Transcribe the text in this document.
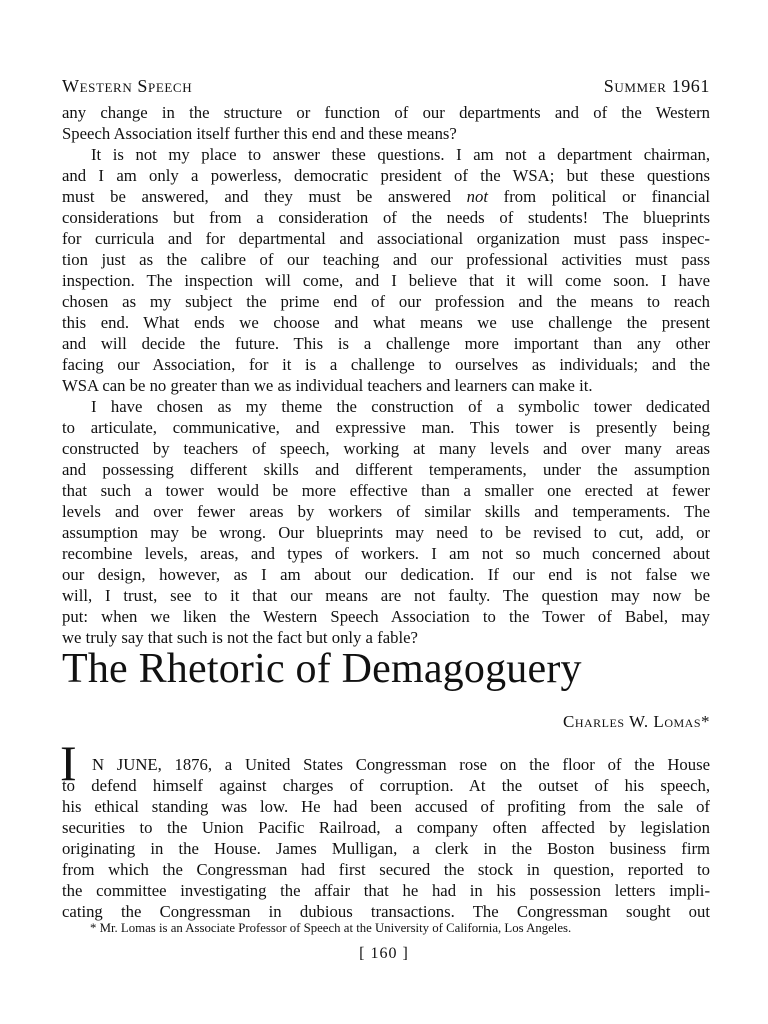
Western Speech	Summer 1961
any change in the structure or function of our departments and of the Western
Speech Association itself further this end and these means?
It is not my place to answer these questions. I am not a department chairman,
and I am only a powerless, democratic president of the WSA; but these questions
must be answered, and they must be answered not from political or financial
considerations but from a consideration of the needs of students! The blueprints
for curricula and for departmental and associational organization must pass inspec-
tion just as the calibre of our teaching and our professional activities must pass
inspection. The inspection will come, and I believe that it will come soon. I have
chosen as my subject the prime end of our profession and the means to reach
this end. What ends we choose and what means we use challenge the present
and will decide the future. This is a challenge more important than any other
facing our Association, for it is a challenge to ourselves as individuals; and the
WSA can be no greater than we as individual teachers and learners can make it.
I have chosen as my theme the construction of a symbolic tower dedicated
to articulate, communicative, and expressive man. This tower is presently being
constructed by teachers of speech, working at many levels and over many areas
and possessing different skills and different temperaments, under the assumption
that such a tower would be more effective than a smaller one erected at fewer
levels and over fewer areas by workers of similar skills and temperaments. The
assumption may be wrong. Our blueprints may need to be revised to cut, add, or
recombine levels, areas, and types of workers. I am not so much concerned about
our design, however, as I am about our dedication. If our end is not false we
will, I trust, see to it that our means are not faulty. The question may now be
put: when we liken the Western Speech Association to the Tower of Babel, may
we truly say that such is not the fact but only a fable?
The Rhetoric of Demagoguery
Charles W. Lomas*
I N JUNE, 1876, a United States Congressman rose on the floor of the House
to defend himself against charges of corruption. At the outset of his speech,
his ethical standing was low. He had been accused of profiting from the sale of
securities to the Union Pacific Railroad, a company often affected by legislation
originating in the House. James Mulligan, a clerk in the Boston business firm
from which the Congressman had first secured the stock in question, reported to
the committee investigating the affair that he had in his possession letters impli-
cating the Congressman in dubious transactions. The Congressman sought out
* Mr. Lomas is an Associate Professor of Speech at the University of California, Los Angeles.
[ 160 ]
